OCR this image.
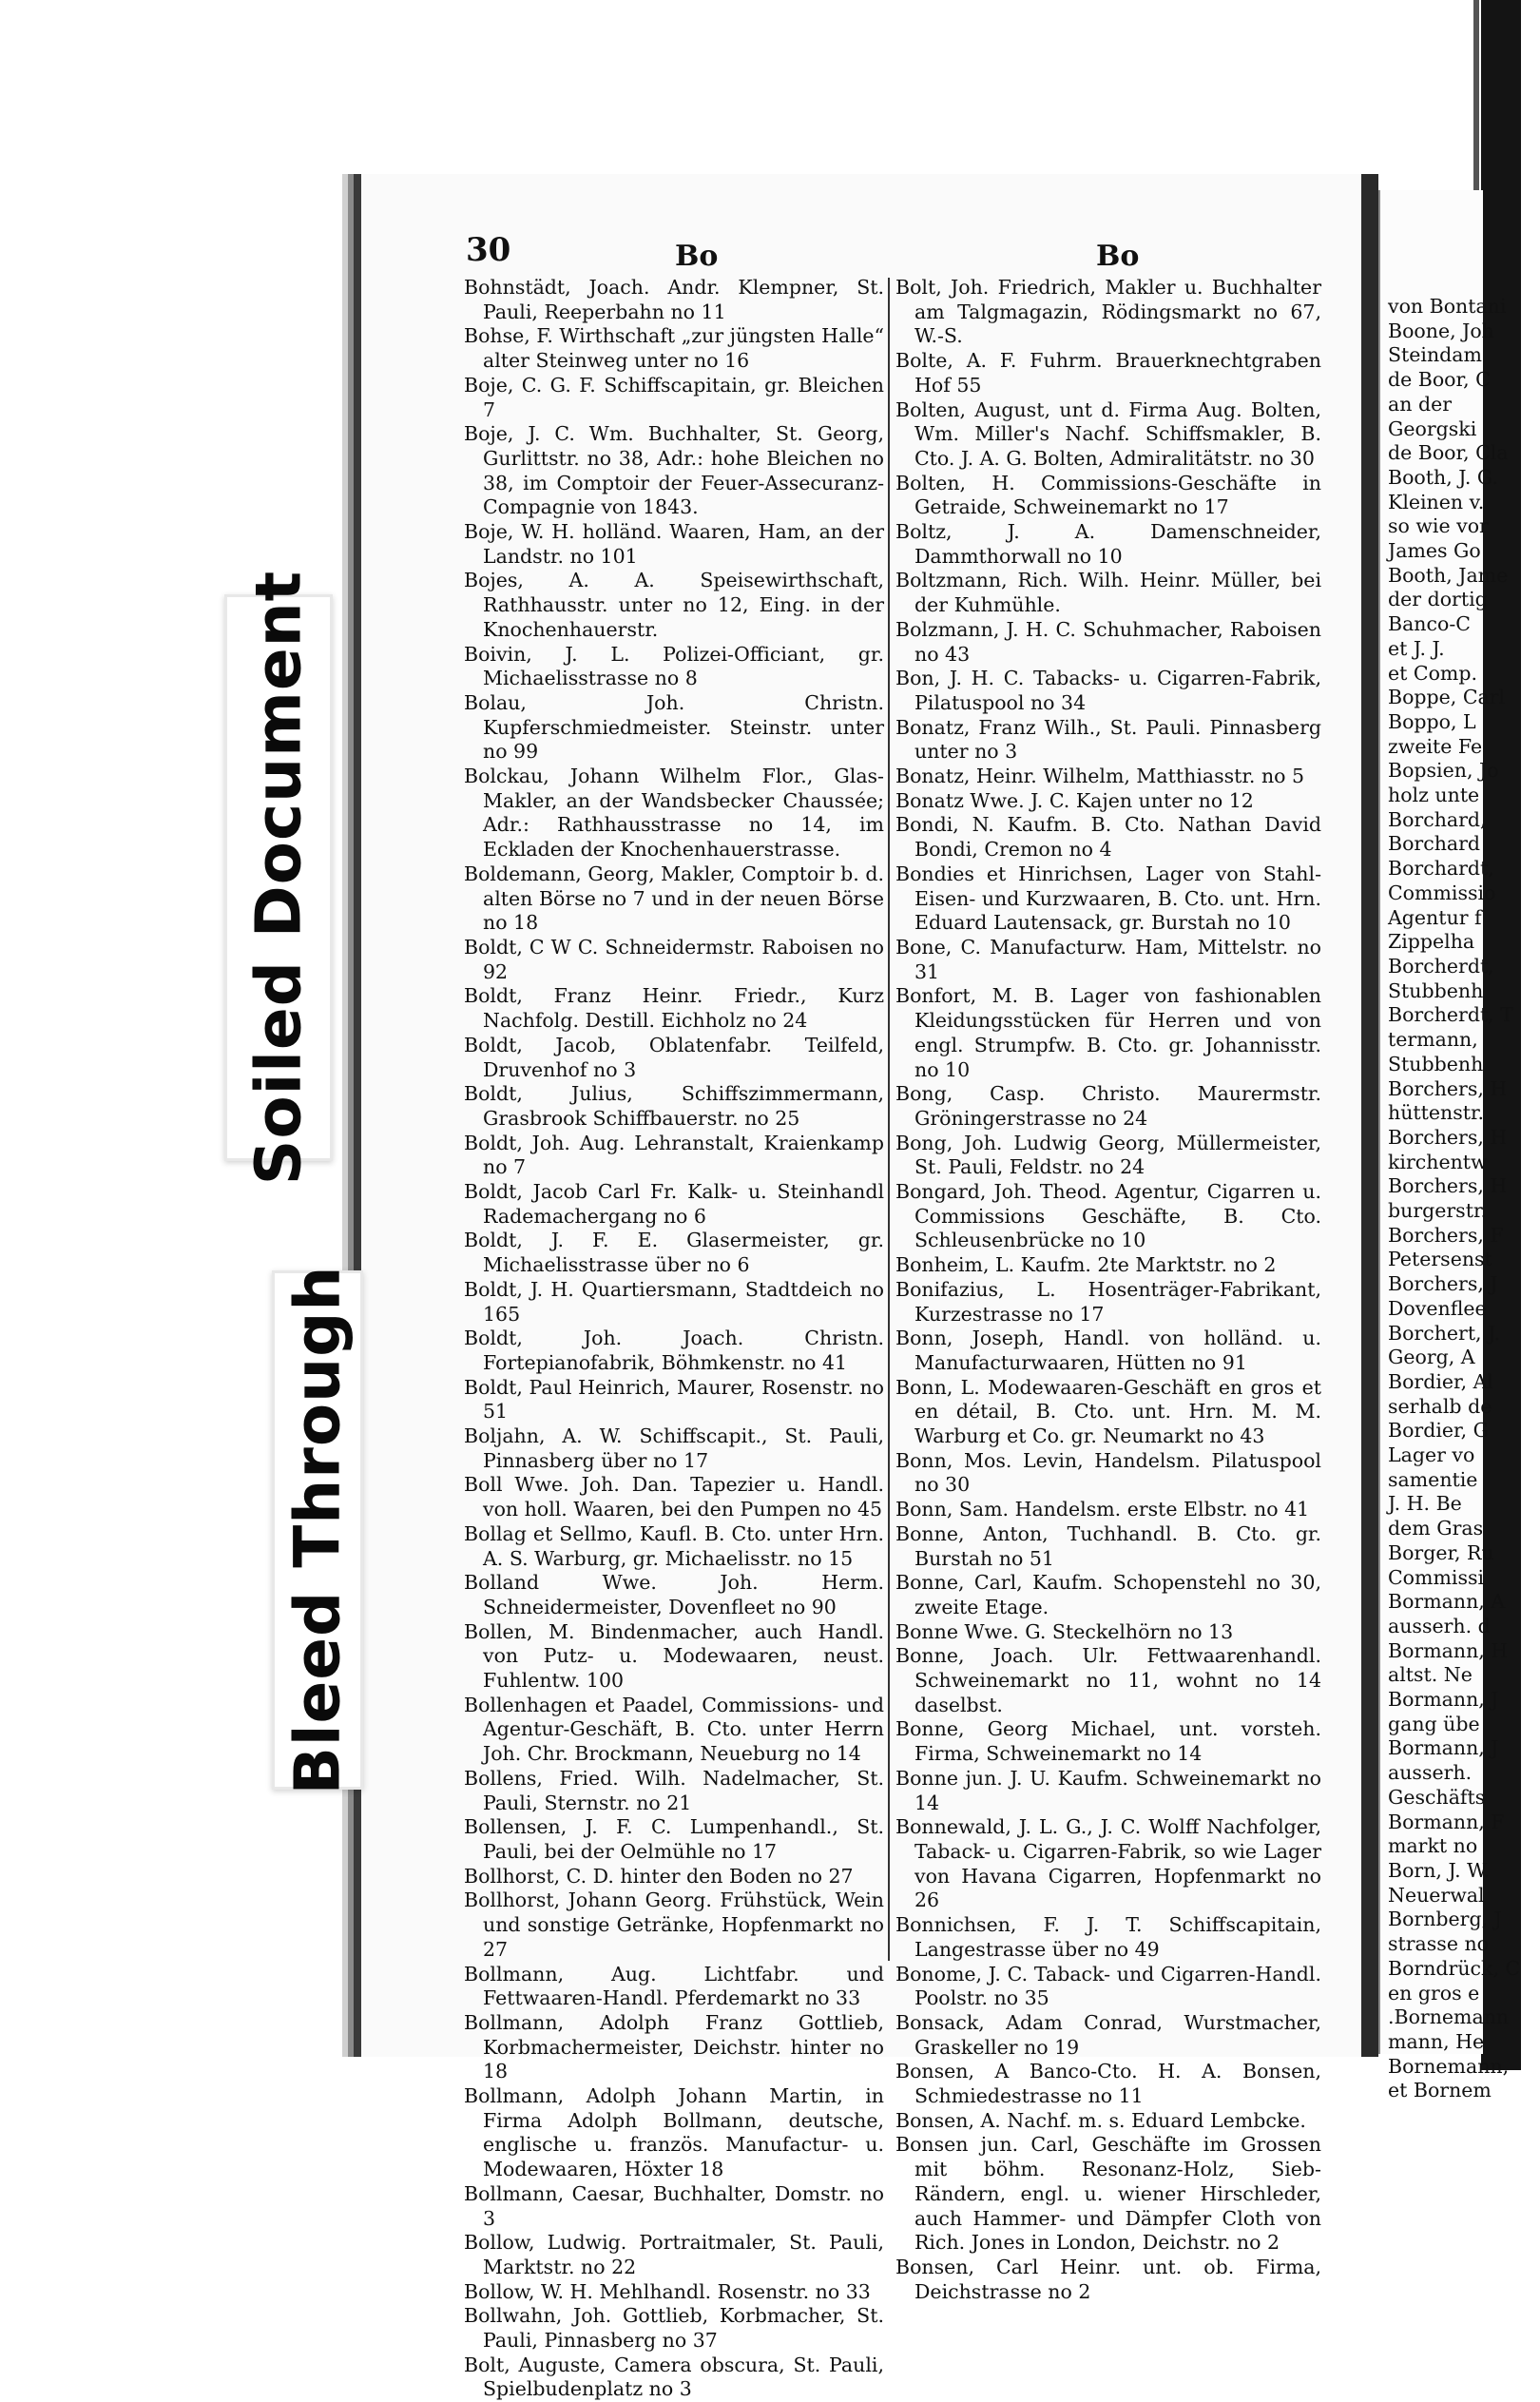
von Bontani
Boone, Joh
Steindam
de Boor, C
an der
Georgski
de Boor, Cla
Booth, J. G.
Kleinen v.
so wie vor
James Go
Booth, Jame
der dortig
Banco-C
et J. J.
et Comp.
Boppe, Carl
Boppo, L
zweite Fe
Bopsien, Jo
holz unte
Borchard,
Borchard
Borchardt,
Commissio
Agentur f
Zippelha
Borcherdt,
Stubbenh
Borcherdt, T
termann,
Stubbenh
Borchers, H
hüttenstr.
Borchers, H
kirchentw
Borchers, H
burgerstr.
Borchers, F
Petersenst
Borchers, J
Dovenflee
Borchert, J.
Georg, A
Bordier, Al
serhalb de
Bordier, G
Lager vo
samentie
J. H. Be
dem Gras
Borger, Ru
Commissi
Bormann, A
ausserh. d
Bormann, H
altst. Ne
Bormann, J
gang übe
Bormann, J
ausserh.
Geschäfts
Bormann, F
markt no
Born, J. W.
Neuerwal
Bornberg, J
strasse no
Borndrück, C
en gros e
.Bornemann
mann, He
Bornemann,
et Bornem
Soiled Document
Bleed Through
30	Bo	Bo
Bohnstädt, Joach. Andr. Klempner, St. Pauli, Reeperbahn no 11
Bohse, F. Wirthschaft „zur jüngsten Halle“ alter Steinweg unter no 16
Boje, C. G. F. Schiffscapitain, gr. Bleichen 7
Boje, J. C. Wm. Buchhalter, St. Georg, Gurlittstr. no 38, Adr.: hohe Bleichen no 38, im Comptoir der Feuer-Assecuranz-Compagnie von 1843.
Boje, W. H. holländ. Waaren, Ham, an der Landstr. no 101
Bojes, A. A. Speisewirthschaft, Rathhausstr. unter no 12, Eing. in der Knochenhauerstr.
Boivin, J. L. Polizei-Officiant, gr. Michaelisstrasse no 8
Bolau, Joh. Christn. Kupferschmiedmeister. Steinstr. unter no 99
Bolckau, Johann Wilhelm Flor., Glas-Makler, an der Wandsbecker Chaussée; Adr.: Rathhausstrasse no 14, im Eckladen der Knochenhauerstrasse.
Boldemann, Georg, Makler, Comptoir b. d. alten Börse no 7 und in der neuen Börse no 18
Boldt, C W C. Schneidermstr. Raboisen no 92
Boldt, Franz Heinr. Friedr., Kurz Nachfolg. Destill. Eichholz no 24
Boldt, Jacob, Oblatenfabr. Teilfeld, Druvenhof no 3
Boldt, Julius, Schiffszimmermann, Grasbrook Schiffbauerstr. no 25
Boldt, Joh. Aug. Lehranstalt, Kraienkamp no 7
Boldt, Jacob Carl Fr. Kalk- u. Steinhandl Rademachergang no 6
Boldt, J. F. E. Glasermeister, gr. Michaelisstrasse über no 6
Boldt, J. H. Quartiersmann, Stadtdeich no 165
Boldt, Joh. Joach. Christn. Fortepianofabrik, Böhmkenstr. no 41
Boldt, Paul Heinrich, Maurer, Rosenstr. no 51
Boljahn, A. W. Schiffscapit., St. Pauli, Pinnasberg über no 17
Boll Wwe. Joh. Dan. Tapezier u. Handl. von holl. Waaren, bei den Pumpen no 45
Bollag et Sellmo, Kaufl. B. Cto. unter Hrn. A. S. Warburg, gr. Michaelisstr. no 15
Bolland Wwe. Joh. Herm. Schneidermeister, Dovenfleet no 90
Bollen, M. Bindenmacher, auch Handl. von Putz- u. Modewaaren, neust. Fuhlentw. 100
Bollenhagen et Paadel, Commissions- und Agentur-Geschäft, B. Cto. unter Herrn Joh. Chr. Brockmann, Neueburg no 14
Bollens, Fried. Wilh. Nadelmacher, St. Pauli, Sternstr. no 21
Bollensen, J. F. C. Lumpenhandl., St. Pauli, bei der Oelmühle no 17
Bollhorst, C. D. hinter den Boden no 27
Bollhorst, Johann Georg. Frühstück, Wein und sonstige Getränke, Hopfenmarkt no 27
Bollmann, Aug. Lichtfabr. und Fettwaaren-Handl. Pferdemarkt no 33
Bollmann, Adolph Franz Gottlieb, Korbmachermeister, Deichstr. hinter no 18
Bollmann, Adolph Johann Martin, in Firma Adolph Bollmann, deutsche, englische u. französ. Manufactur- u. Modewaaren, Höxter 18
Bollmann, Caesar, Buchhalter, Domstr. no 3
Bollow, Ludwig. Portraitmaler, St. Pauli, Marktstr. no 22
Bollow, W. H. Mehlhandl. Rosenstr. no 33
Bollwahn, Joh. Gottlieb, Korbmacher, St. Pauli, Pinnasberg no 37
Bolt, Auguste, Camera obscura, St. Pauli, Spielbudenplatz no 3
Bolt, Joh. Friedrich, Makler u. Buchhalter am Talgmagazin, Rödingsmarkt no 67, W.-S.
Bolte, A. F. Fuhrm. Brauerknechtgraben Hof 55
Bolten, August, unt d. Firma Aug. Bolten, Wm. Miller's Nachf. Schiffsmakler, B. Cto. J. A. G. Bolten, Admiralitätstr. no 30
Bolten, H. Commissions-Geschäfte in Getraide, Schweinemarkt no 17
Boltz, J. A. Damenschneider, Dammthorwall no 10
Boltzmann, Rich. Wilh. Heinr. Müller, bei der Kuhmühle.
Bolzmann, J. H. C. Schuhmacher, Raboisen no 43
Bon, J. H. C. Tabacks- u. Cigarren-Fabrik, Pilatuspool no 34
Bonatz, Franz Wilh., St. Pauli. Pinnasberg unter no 3
Bonatz, Heinr. Wilhelm, Matthiasstr. no 5
Bonatz Wwe. J. C. Kajen unter no 12
Bondi, N. Kaufm. B. Cto. Nathan David Bondi, Cremon no 4
Bondies et Hinrichsen, Lager von Stahl- Eisen- und Kurzwaaren, B. Cto. unt. Hrn. Eduard Lautensack, gr. Burstah no 10
Bone, C. Manufacturw. Ham, Mittelstr. no 31
Bonfort, M. B. Lager von fashionablen Kleidungsstücken für Herren und von engl. Strumpfw. B. Cto. gr. Johannisstr. no 10
Bong, Casp. Christo. Maurermstr. Gröningerstrasse no 24
Bong, Joh. Ludwig Georg, Müllermeister, St. Pauli, Feldstr. no 24
Bongard, Joh. Theod. Agentur, Cigarren u. Commissions Geschäfte, B. Cto. Schleusenbrücke no 10
Bonheim, L. Kaufm. 2te Marktstr. no 2
Bonifazius, L. Hosenträger-Fabrikant, Kurzestrasse no 17
Bonn, Joseph, Handl. von holländ. u. Manufacturwaaren, Hütten no 91
Bonn, L. Modewaaren-Geschäft en gros et en détail, B. Cto. unt. Hrn. M. M. Warburg et Co. gr. Neumarkt no 43
Bonn, Mos. Levin, Handelsm. Pilatuspool no 30
Bonn, Sam. Handelsm. erste Elbstr. no 41
Bonne, Anton, Tuchhandl. B. Cto. gr. Burstah no 51
Bonne, Carl, Kaufm. Schopenstehl no 30, zweite Etage.
Bonne Wwe. G. Steckelhörn no 13
Bonne, Joach. Ulr. Fettwaarenhandl. Schweinemarkt no 11, wohnt no 14 daselbst.
Bonne, Georg Michael, unt. vorsteh. Firma, Schweinemarkt no 14
Bonne jun. J. U. Kaufm. Schweinemarkt no 14
Bonnewald, J. L. G., J. C. Wolff Nachfolger, Taback- u. Cigarren-Fabrik, so wie Lager von Havana Cigarren, Hopfenmarkt no 26
Bonnichsen, F. J. T. Schiffscapitain, Langestrasse über no 49
Bonome, J. C. Taback- und Cigarren-Handl. Poolstr. no 35
Bonsack, Adam Conrad, Wurstmacher, Graskeller no 19
Bonsen, A Banco-Cto. H. A. Bonsen, Schmiedestrasse no 11
Bonsen, A. Nachf. m. s. Eduard Lembcke.
Bonsen jun. Carl, Geschäfte im Grossen mit böhm. Resonanz-Holz, Sieb-Rändern, engl. u. wiener Hirschleder, auch Hammer- und Dämpfer Cloth von Rich. Jones in London, Deichstr. no 2
Bonsen, Carl Heinr. unt. ob. Firma, Deichstrasse no 2
